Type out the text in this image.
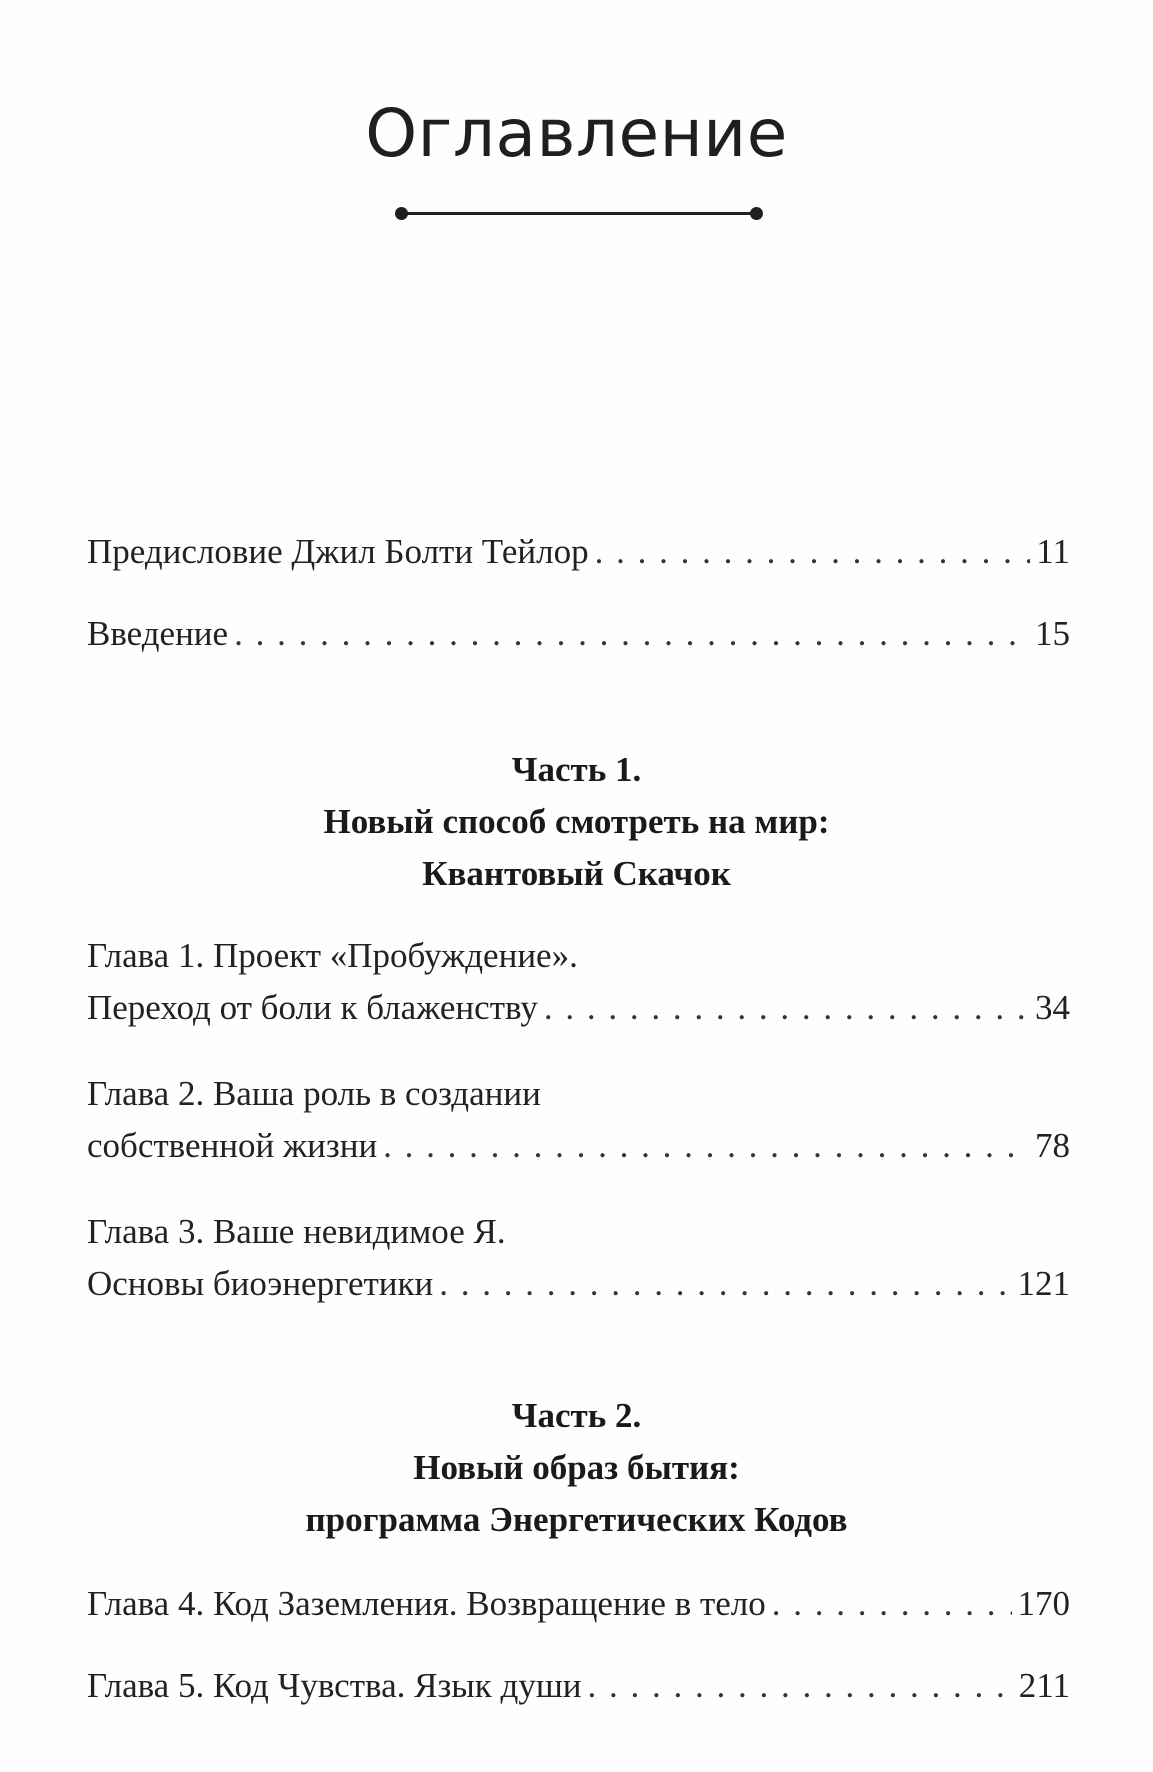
Оглавление
Предисловие Джил Болти Тейлор . . .	11
Введение . . .	15
Часть 1.
Новый способ смотреть на мир:
Квантовый Скачок
Глава 1. Проект «Пробуждение».
Переход от боли к блаженству . . .	34
Глава 2. Ваша роль в создании
собственной жизни . . .	78
Глава 3. Ваше невидимое Я.
Основы биоэнергетики . . .	121
Часть 2.
Новый образ бытия:
программа Энергетических Кодов
Глава 4. Код Заземления. Возвращение в тело . . .	170
Глава 5. Код Чувства. Язык души . . .	211
